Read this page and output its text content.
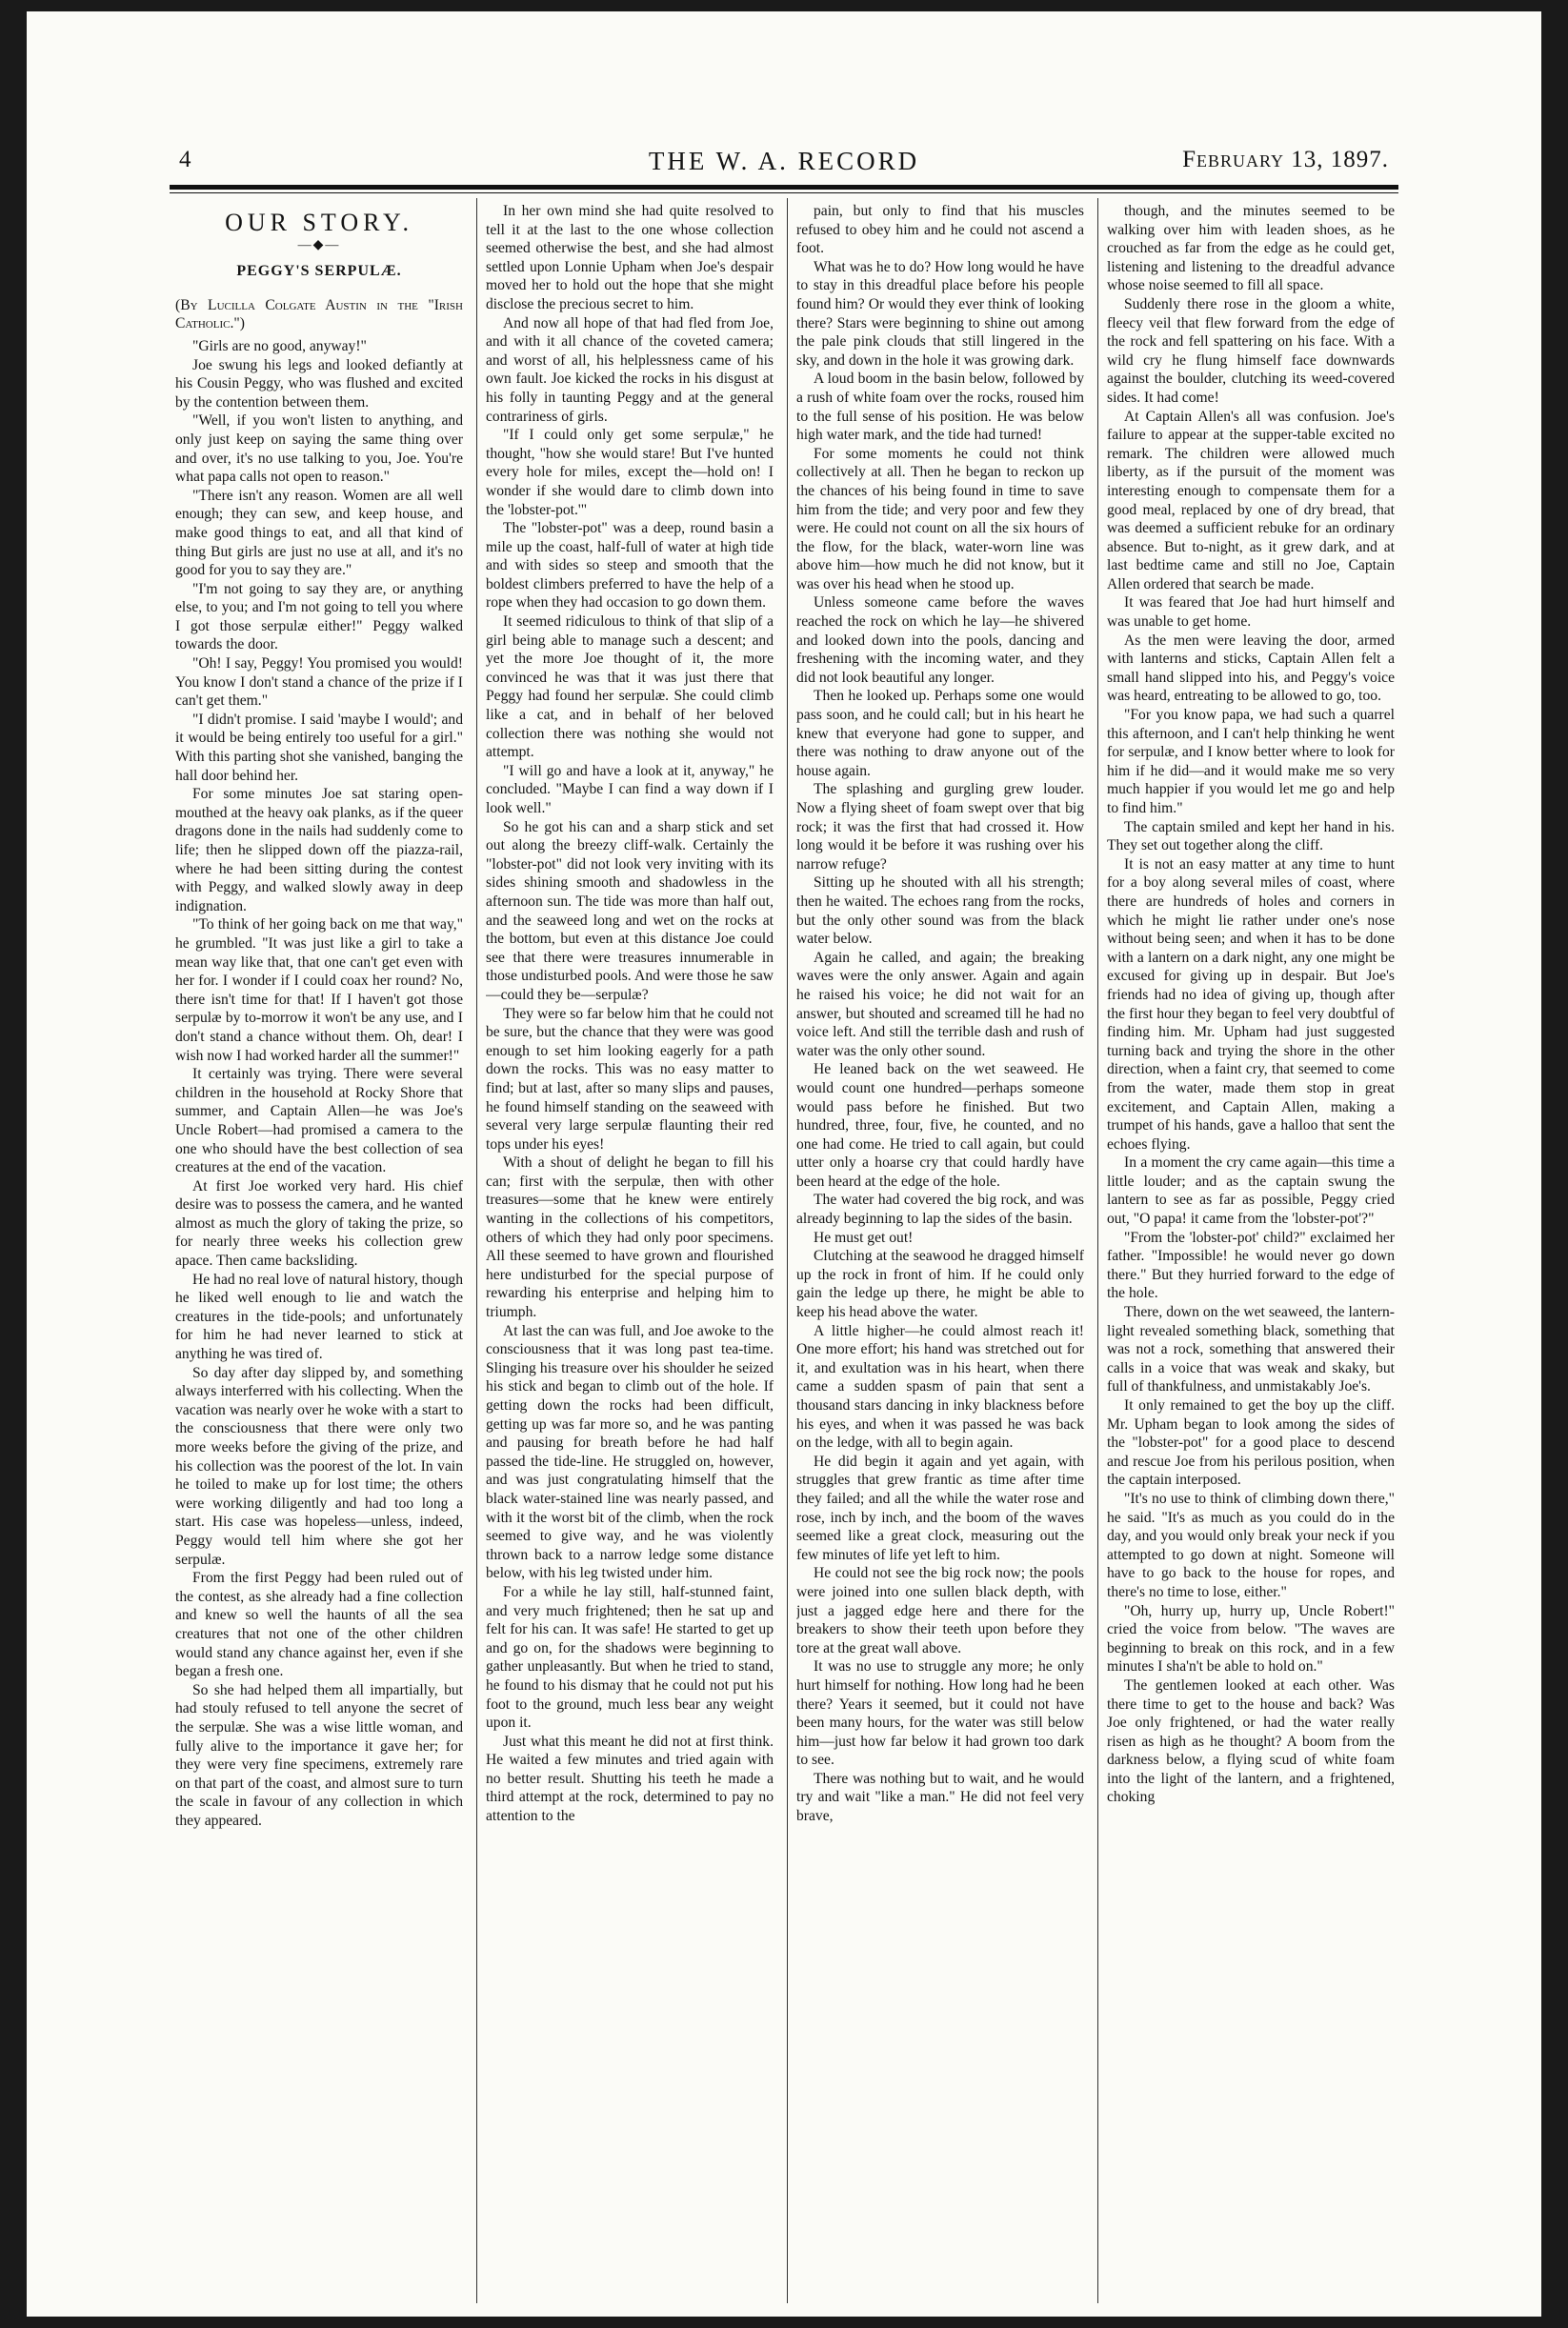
4	THE W. A. RECORD	February 13, 1897.
OUR STORY.
—◆—
PEGGY'S SERPULÆ.

(By Lucilla Colgate Austin in the "Irish Catholic.")

"Girls are no good, anyway!"

Joe swung his legs and looked defiantly at his Cousin Peggy, who was flushed and excited by the contention between them.

"Well, if you won't listen to anything, and only just keep on saying the same thing over and over, it's no use talking to you, Joe. You're what papa calls not open to reason."

"There isn't any reason. Women are all well enough; they can sew, and keep house, and make good things to eat, and all that kind of thing But girls are just no use at all, and it's no good for you to say they are."

"I'm not going to say they are, or anything else, to you; and I'm not going to tell you where I got those serpulæ either!" Peggy walked towards the door.

"Oh! I say, Peggy! You promised you would! You know I don't stand a chance of the prize if I can't get them."

"I didn't promise. I said 'maybe I would'; and it would be being entirely too useful for a girl." With this parting shot she vanished, banging the hall door behind her.

For some minutes Joe sat staring open-mouthed at the heavy oak planks, as if the queer dragons done in the nails had suddenly come to life; then he slipped down off the piazza-rail, where he had been sitting during the contest with Peggy, and walked slowly away in deep indignation.

"To think of her going back on me that way," he grumbled. "It was just like a girl to take a mean way like that, that one can't get even with her for. I wonder if I could coax her round? No, there isn't time for that! If I haven't got those serpulæ by to-morrow it won't be any use, and I don't stand a chance without them. Oh, dear! I wish now I had worked harder all the summer!"

It certainly was trying. There were several children in the household at Rocky Shore that summer, and Captain Allen—he was Joe's Uncle Robert—had promised a camera to the one who should have the best collection of sea creatures at the end of the vacation.

At first Joe worked very hard. His chief desire was to possess the camera, and he wanted almost as much the glory of taking the prize, so for nearly three weeks his collection grew apace. Then came backsliding.

He had no real love of natural history, though he liked well enough to lie and watch the creatures in the tide-pools; and unfortunately for him he had never learned to stick at anything he was tired of.

So day after day slipped by, and something always interferred with his collecting. When the vacation was nearly over he woke with a start to the consciousness that there were only two more weeks before the giving of the prize, and his collection was the poorest of the lot. In vain he toiled to make up for lost time; the others were working diligently and had too long a start. His case was hopeless—unless, indeed, Peggy would tell him where she got her serpulæ.

From the first Peggy had been ruled out of the contest, as she already had a fine collection and knew so well the haunts of all the sea creatures that not one of the other children would stand any chance against her, even if she began a fresh one.

So she had helped them all impartially, but had stouly refused to tell anyone the secret of the serpulæ. She was a wise little woman, and fully alive to the importance it gave her; for they were very fine specimens, extremely rare on that part of the coast, and almost sure to turn the scale in favour of any collection in which they appeared.

In her own mind she had quite resolved to tell it at the last to the one whose collection seemed otherwise the best, and she had almost settled upon Lonnie Upham when Joe's despair moved her to hold out the hope that she might disclose the precious secret to him.

And now all hope of that had fled from Joe, and with it all chance of the coveted camera; and worst of all, his helplessness came of his own fault. Joe kicked the rocks in his disgust at his folly in taunting Peggy and at the general contrariness of girls.

"If I could only get some serpulæ," he thought, "how she would stare! But I've hunted every hole for miles, except the—hold on! I wonder if she would dare to climb down into the 'lobster-pot.'"

The "lobster-pot" was a deep, round basin a mile up the coast, half-full of water at high tide and with sides so steep and smooth that the boldest climbers preferred to have the help of a rope when they had occasion to go down them.

It seemed ridiculous to think of that slip of a girl being able to manage such a descent; and yet the more Joe thought of it, the more convinced he was that it was just there that Peggy had found her serpulæ. She could climb like a cat, and in behalf of her beloved collection there was nothing she would not attempt.

"I will go and have a look at it, anyway," he concluded. "Maybe I can find a way down if I look well."

So he got his can and a sharp stick and set out along the breezy cliff-walk. Certainly the "lobster-pot" did not look very inviting with its sides shining smooth and shadowless in the afternoon sun. The tide was more than half out, and the seaweed long and wet on the rocks at the bottom, but even at this distance Joe could see that there were treasures innumerable in those undisturbed pools. And were those he saw—could they be—serpulæ?

They were so far below him that he could not be sure, but the chance that they were was good enough to set him looking eagerly for a path down the rocks. This was no easy matter to find; but at last, after so many slips and pauses, he found himself standing on the seaweed with several very large serpulæ flaunting their red tops under his eyes!

With a shout of delight he began to fill his can; first with the serpulæ, then with other treasures—some that he knew were entirely wanting in the collections of his competitors, others of which they had only poor specimens. All these seemed to have grown and flourished here undisturbed for the special purpose of rewarding his enterprise and helping him to triumph.

At last the can was full, and Joe awoke to the consciousness that it was long past tea-time. Slinging his treasure over his shoulder he seized his stick and began to climb out of the hole. If getting down the rocks had been difficult, getting up was far more so, and he was panting and pausing for breath before he had half passed the tide-line. He struggled on, however, and was just congratulating himself that the black water-stained line was nearly passed, and with it the worst bit of the climb, when the rock seemed to give way, and he was violently thrown back to a narrow ledge some distance below, with his leg twisted under him.

For a while he lay still, half-stunned faint, and very much frightened; then he sat up and felt for his can. It was safe! He started to get up and go on, for the shadows were beginning to gather unpleasantly. But when he tried to stand, he found to his dismay that he could not put his foot to the ground, much less bear any weight upon it.

Just what this meant he did not at first think. He waited a few minutes and tried again with no better result. Shutting his teeth he made a third attempt at the rock, determined to pay no attention to the

pain, but only to find that his muscles refused to obey him and he could not ascend a foot.

What was he to do? How long would he have to stay in this dreadful place before his people found him? Or would they ever think of looking there? Stars were beginning to shine out among the pale pink clouds that still lingered in the sky, and down in the hole it was growing dark.

A loud boom in the basin below, followed by a rush of white foam over the rocks, roused him to the full sense of his position. He was below high water mark, and the tide had turned!

For some moments he could not think collectively at all. Then he began to reckon up the chances of his being found in time to save him from the tide; and very poor and few they were. He could not count on all the six hours of the flow, for the black, water-worn line was above him—how much he did not know, but it was over his head when he stood up.

Unless someone came before the waves reached the rock on which he lay—he shivered and looked down into the pools, dancing and freshening with the incoming water, and they did not look beautiful any longer.

Then he looked up. Perhaps some one would pass soon, and he could call; but in his heart he knew that everyone had gone to supper, and there was nothing to draw anyone out of the house again.

The splashing and gurgling grew louder. Now a flying sheet of foam swept over that big rock; it was the first that had crossed it. How long would it be before it was rushing over his narrow refuge?

Sitting up he shouted with all his strength; then he waited. The echoes rang from the rocks, but the only other sound was from the black water below.

Again he called, and again; the breaking waves were the only answer. Again and again he raised his voice; he did not wait for an answer, but shouted and screamed till he had no voice left. And still the terrible dash and rush of water was the only other sound.

He leaned back on the wet seaweed. He would count one hundred—perhaps someone would pass before he finished. But two hundred, three, four, five, he counted, and no one had come. He tried to call again, but could utter only a hoarse cry that could hardly have been heard at the edge of the hole.

The water had covered the big rock, and was already beginning to lap the sides of the basin.

He must get out!

Clutching at the seawood he dragged himself up the rock in front of him. If he could only gain the ledge up there, he might be able to keep his head above the water.

A little higher—he could almost reach it! One more effort; his hand was stretched out for it, and exultation was in his heart, when there came a sudden spasm of pain that sent a thousand stars dancing in inky blackness before his eyes, and when it was passed he was back on the ledge, with all to begin again.

He did begin it again and yet again, with struggles that grew frantic as time after time they failed; and all the while the water rose and rose, inch by inch, and the boom of the waves seemed like a great clock, measuring out the few minutes of life yet left to him.

He could not see the big rock now; the pools were joined into one sullen black depth, with just a jagged edge here and there for the breakers to show their teeth upon before they tore at the great wall above.

It was no use to struggle any more; he only hurt himself for nothing. How long had he been there? Years it seemed, but it could not have been many hours, for the water was still below him—just how far below it had grown too dark to see.

There was nothing but to wait, and he would try and wait "like a man." He did not feel very brave,

though, and the minutes seemed to be walking over him with leaden shoes, as he crouched as far from the edge as he could get, listening and listening to the dreadful advance whose noise seemed to fill all space.

Suddenly there rose in the gloom a white, fleecy veil that flew forward from the edge of the rock and fell spattering on his face. With a wild cry he flung himself face downwards against the boulder, clutching its weed-covered sides. It had come!

At Captain Allen's all was confusion. Joe's failure to appear at the supper-table excited no remark. The children were allowed much liberty, as if the pursuit of the moment was interesting enough to compensate them for a good meal, replaced by one of dry bread, that was deemed a sufficient rebuke for an ordinary absence. But to-night, as it grew dark, and at last bedtime came and still no Joe, Captain Allen ordered that search be made.

It was feared that Joe had hurt himself and was unable to get home.

As the men were leaving the door, armed with lanterns and sticks, Captain Allen felt a small hand slipped into his, and Peggy's voice was heard, entreating to be allowed to go, too.

"For you know papa, we had such a quarrel this afternoon, and I can't help thinking he went for serpulæ, and I know better where to look for him if he did—and it would make me so very much happier if you would let me go and help to find him."

The captain smiled and kept her hand in his. They set out together along the cliff.

It is not an easy matter at any time to hunt for a boy along several miles of coast, where there are hundreds of holes and corners in which he might lie rather under one's nose without being seen; and when it has to be done with a lantern on a dark night, any one might be excused for giving up in despair. But Joe's friends had no idea of giving up, though after the first hour they began to feel very doubtful of finding him. Mr. Upham had just suggested turning back and trying the shore in the other direction, when a faint cry, that seemed to come from the water, made them stop in great excitement, and Captain Allen, making a trumpet of his hands, gave a halloo that sent the echoes flying.

In a moment the cry came again—this time a little louder; and as the captain swung the lantern to see as far as possible, Peggy cried out, "O papa! it came from the 'lobster-pot'?"

"From the 'lobster-pot' child?" exclaimed her father. "Impossible! he would never go down there." But they hurried forward to the edge of the hole.

There, down on the wet seaweed, the lantern-light revealed something black, something that was not a rock, something that answered their calls in a voice that was weak and skaky, but full of thankfulness, and unmistakably Joe's.

It only remained to get the boy up the cliff. Mr. Upham began to look among the sides of the "lobster-pot" for a good place to descend and rescue Joe from his perilous position, when the captain interposed.

"It's no use to think of climbing down there," he said. "It's as much as you could do in the day, and you would only break your neck if you attempted to go down at night. Someone will have to go back to the house for ropes, and there's no time to lose, either."

"Oh, hurry up, hurry up, Uncle Robert!" cried the voice from below. "The waves are beginning to break on this rock, and in a few minutes I sha'n't be able to hold on."

The gentlemen looked at each other. Was there time to get to the house and back? Was Joe only frightened, or had the water really risen as high as he thought? A boom from the darkness below, a flying scud of white foam into the light of the lantern, and a frightened, choking
